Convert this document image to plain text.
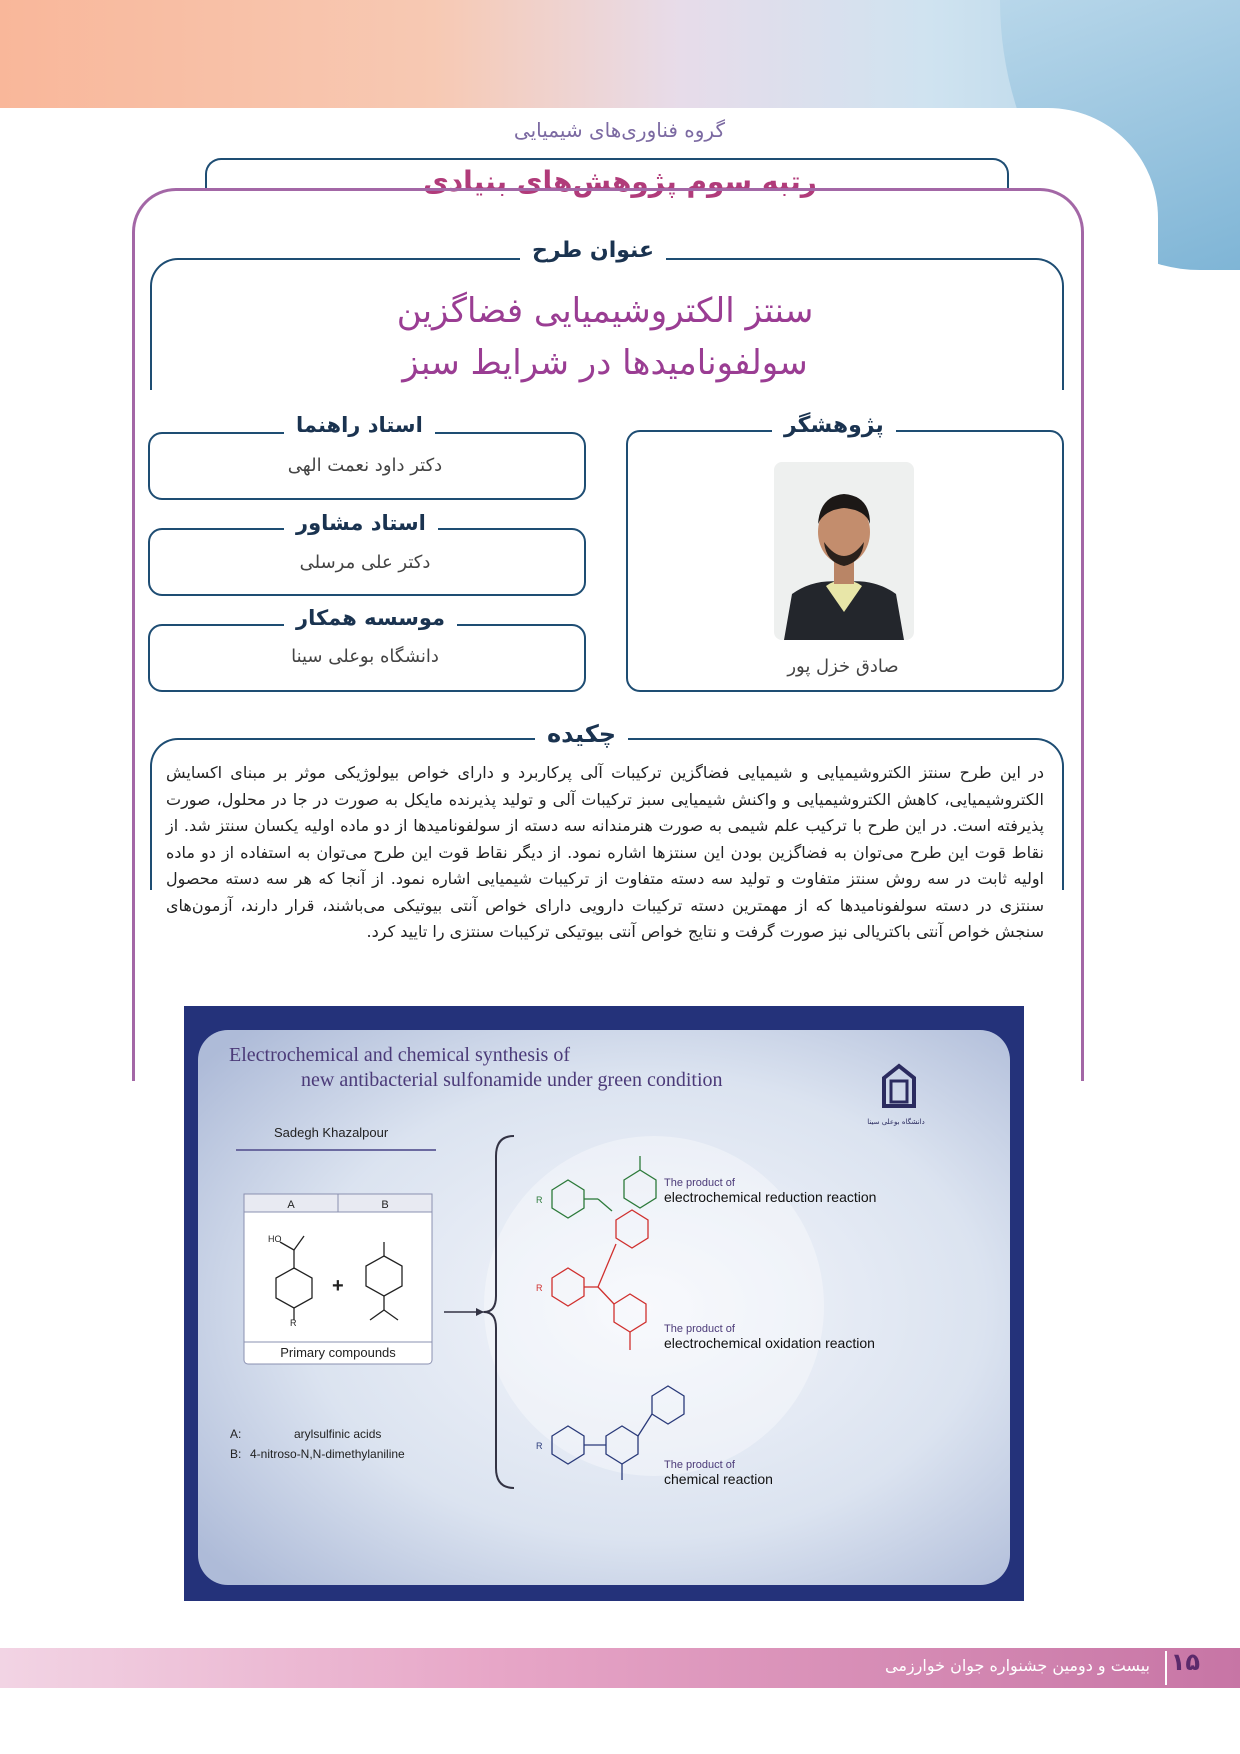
گروه فناوری‌های شیمیایی
رتبه سوم پژوهش‌های بنیادی
عنوان طرح
سنتز الکتروشیمیایی فضاگزین
سولفونامیدها در شرایط سبز
پژوهشگر
صادق خزل پور
استاد راهنما
دکتر داود نعمت الهی
استاد مشاور
دکتر علی مرسلی
موسسه همکار
دانشگاه بوعلی سینا
چکیده
در این طرح سنتز الکتروشیمیایی و شیمیایی فضاگزین ترکیبات آلی پرکاربرد و دارای خواص بیولوژیکی موثر بر مبنای اکسایش الکتروشیمیایی، کاهش الکتروشیمیایی و واکنش شیمیایی سبز ترکیبات آلی و تولید پذیرنده مایکل به صورت در جا در محلول، صورت پذیرفته است. در این طرح با ترکیب علم شیمی به صورت هنرمندانه سه دسته از سولفونامیدها از دو ماده اولیه یکسان سنتز شد. از نقاط قوت این طرح می‌توان به فضاگزین بودن این سنتزها اشاره نمود. از دیگر نقاط قوت این طرح می‌توان به استفاده از دو ماده اولیه ثابت در سه روش سنتز متفاوت و تولید سه دسته متفاوت از ترکیبات شیمیایی اشاره نمود. از آنجا که هر سه دسته محصول سنتزی در دسته سولفونامیدها که از مهمترین دسته ترکیبات دارویی دارای خواص آنتی بیوتیکی می‌باشند، قرار دارند، آزمون‌های سنجش خواص آنتی باکتریالی نیز صورت گرفت و نتایج خواص آنتی بیوتیکی ترکیبات سنتزی را تایید کرد.
Electrochemical and chemical synthesis of
new antibacterial sulfonamide under green condition
Sadegh Khazalpour
دانشگاه بوعلی سینا
A	B
HO
R
+
Primary compounds
A:	arylsulfinic acids
B: 4-nitroso-N,N-dimethylaniline
R
The product of
electrochemical reduction reaction
R
The product of
electrochemical oxidation reaction
R
The product of
chemical reaction
بیست و دومین جشنواره جوان خوارزمی ۱۵
